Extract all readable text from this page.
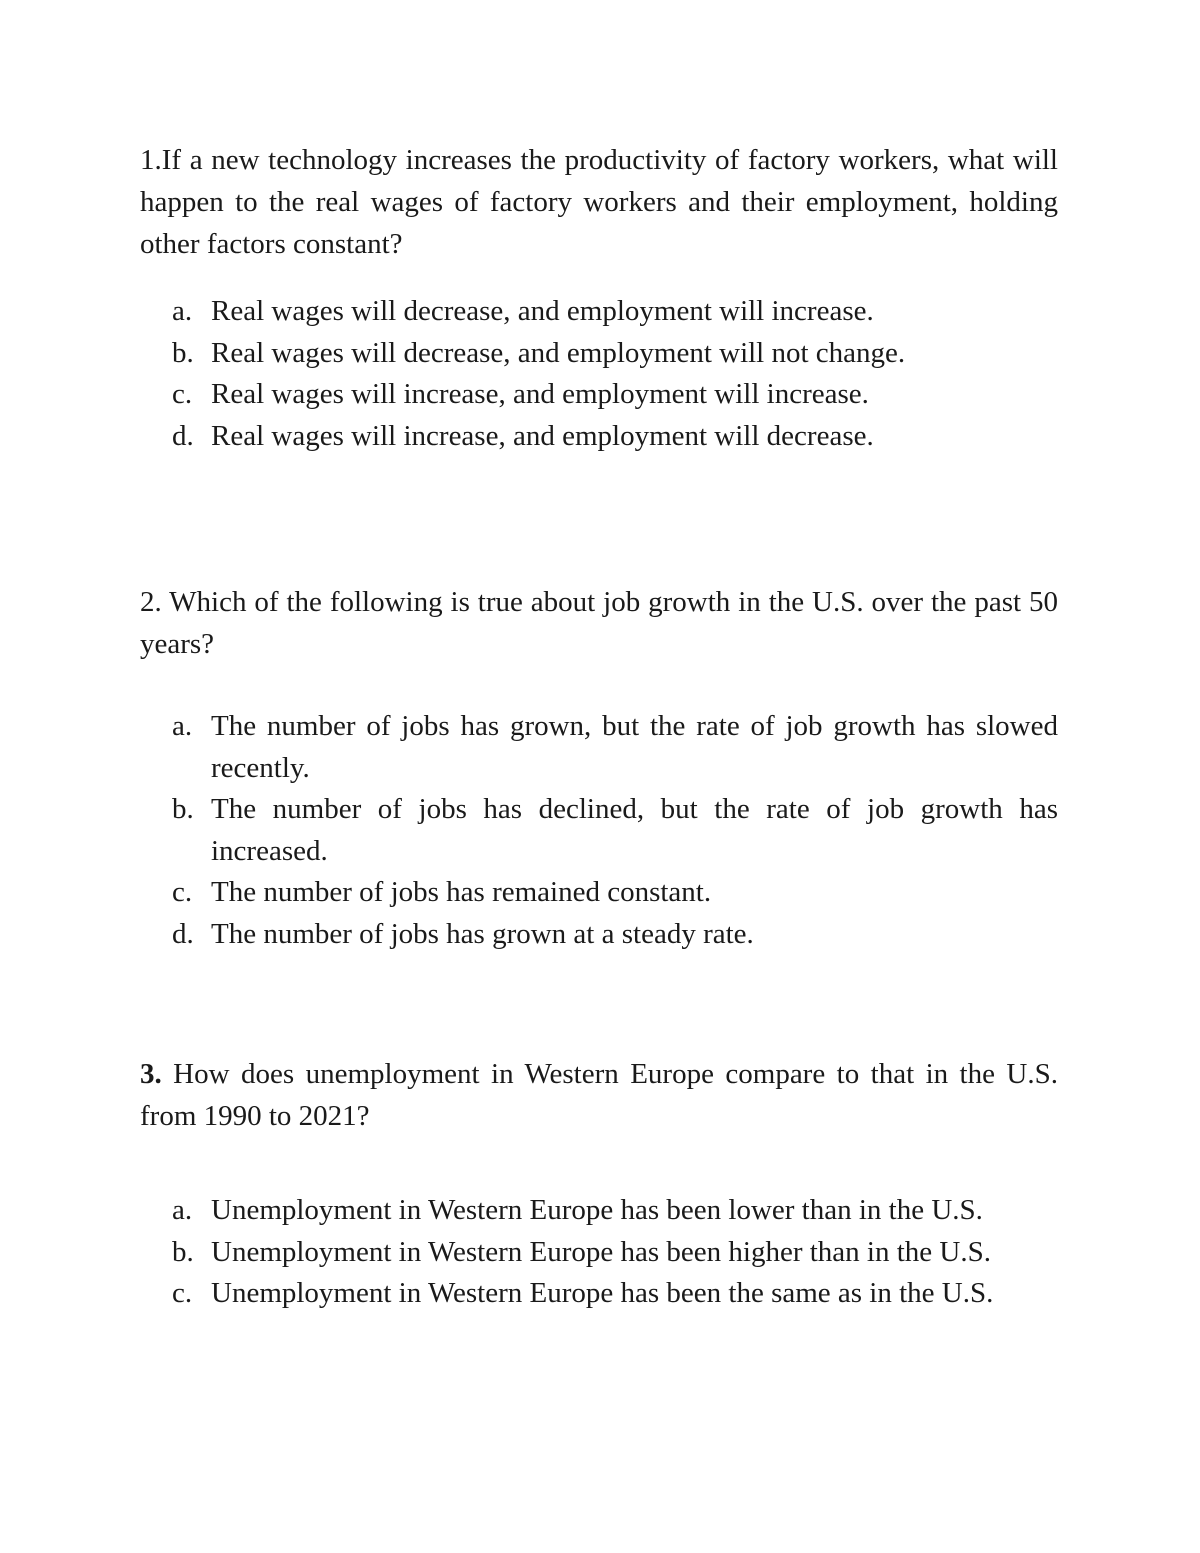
1.If a new technology increases the productivity of factory workers, what will happen to the real wages of factory workers and their employment, holding other factors constant?

a. Real wages will decrease, and employment will increase.
b. Real wages will decrease, and employment will not change.
c. Real wages will increase, and employment will increase.
d. Real wages will increase, and employment will decrease.

2. Which of the following is true about job growth in the U.S. over the past 50 years?

a. The number of jobs has grown, but the rate of job growth has slowed recently.
b. The number of jobs has declined, but the rate of job growth has increased.
c. The number of jobs has remained constant.
d. The number of jobs has grown at a steady rate.

3. How does unemployment in Western Europe compare to that in the U.S. from 1990 to 2021?

a. Unemployment in Western Europe has been lower than in the U.S.
b. Unemployment in Western Europe has been higher than in the U.S.
c. Unemployment in Western Europe has been the same as in the U.S.
